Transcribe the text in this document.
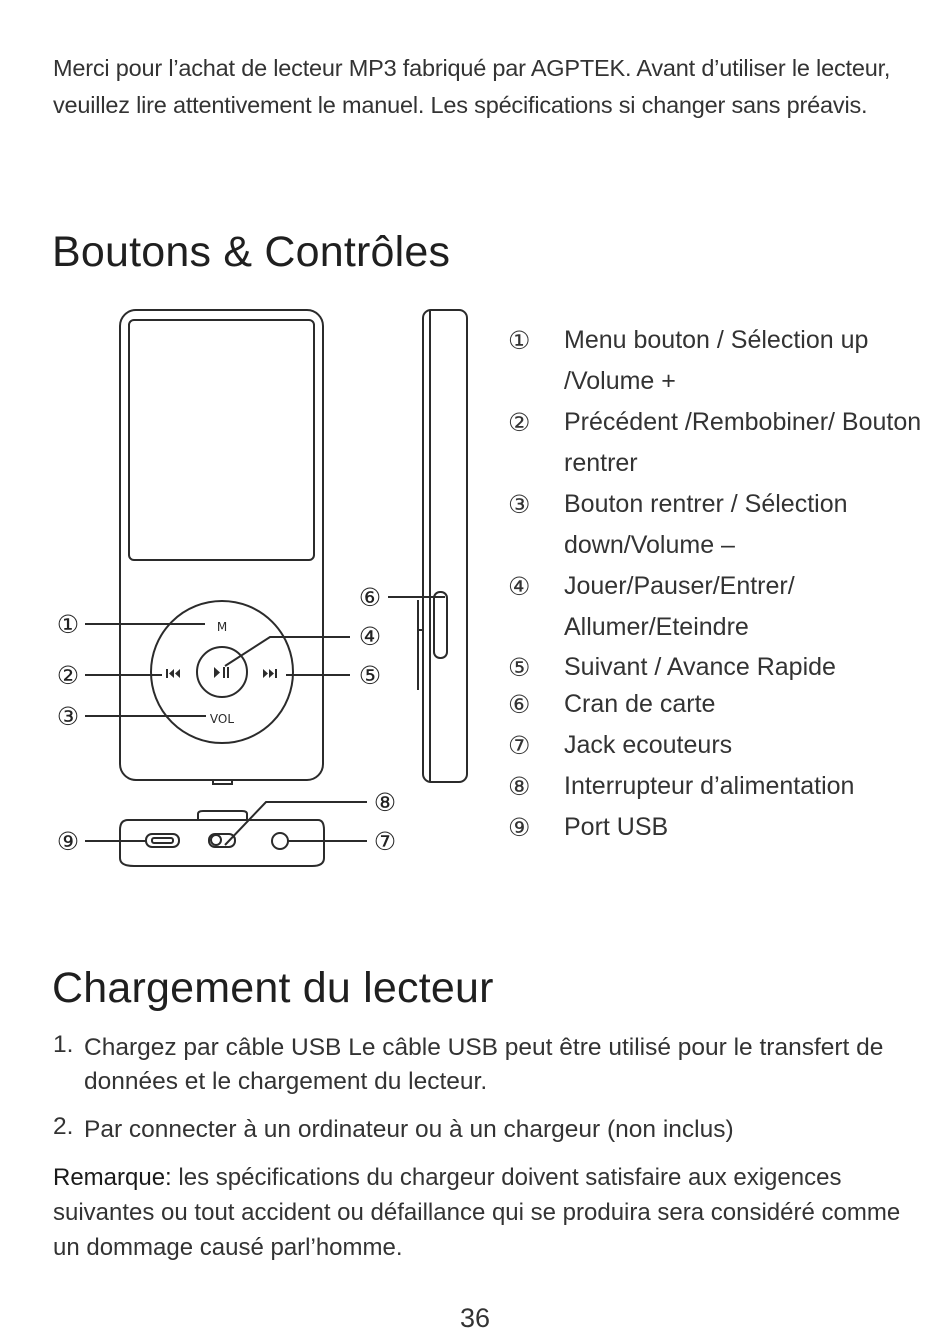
Merci pour l’achat de lecteur MP3 fabriqué par AGPTEK. Avant d’utiliser le lecteur, veuillez lire attentivement le manuel. Les spécifications si changer sans préavis.
Boutons & Contrôles
M
VOL
①
②
③
④
⑤
⑥
⑦
⑧
⑨
①	Menu bouton / Sélection up /Volume +
②	Précédent /Rembobiner/ Bouton rentrer
③	Bouton rentrer / Sélection down/Volume –
④	Jouer/Pauser/Entrer/ Allumer/Eteindre
⑤	Suivant / Avance Rapide
⑥	Cran de carte
⑦	Jack ecouteurs
⑧	Interrupteur d’alimentation
⑨	Port USB
Chargement du lecteur
1. Chargez par câble USB Le câble USB peut être utilisé pour le transfert de données et le chargement du lecteur.
2. Par connecter à un ordinateur ou à un chargeur (non inclus)
Remarque: les spécifications du chargeur doivent satisfaire aux exigences suivantes ou tout accident ou défaillance qui se produira sera considéré comme un dommage causé parl’homme.
36
